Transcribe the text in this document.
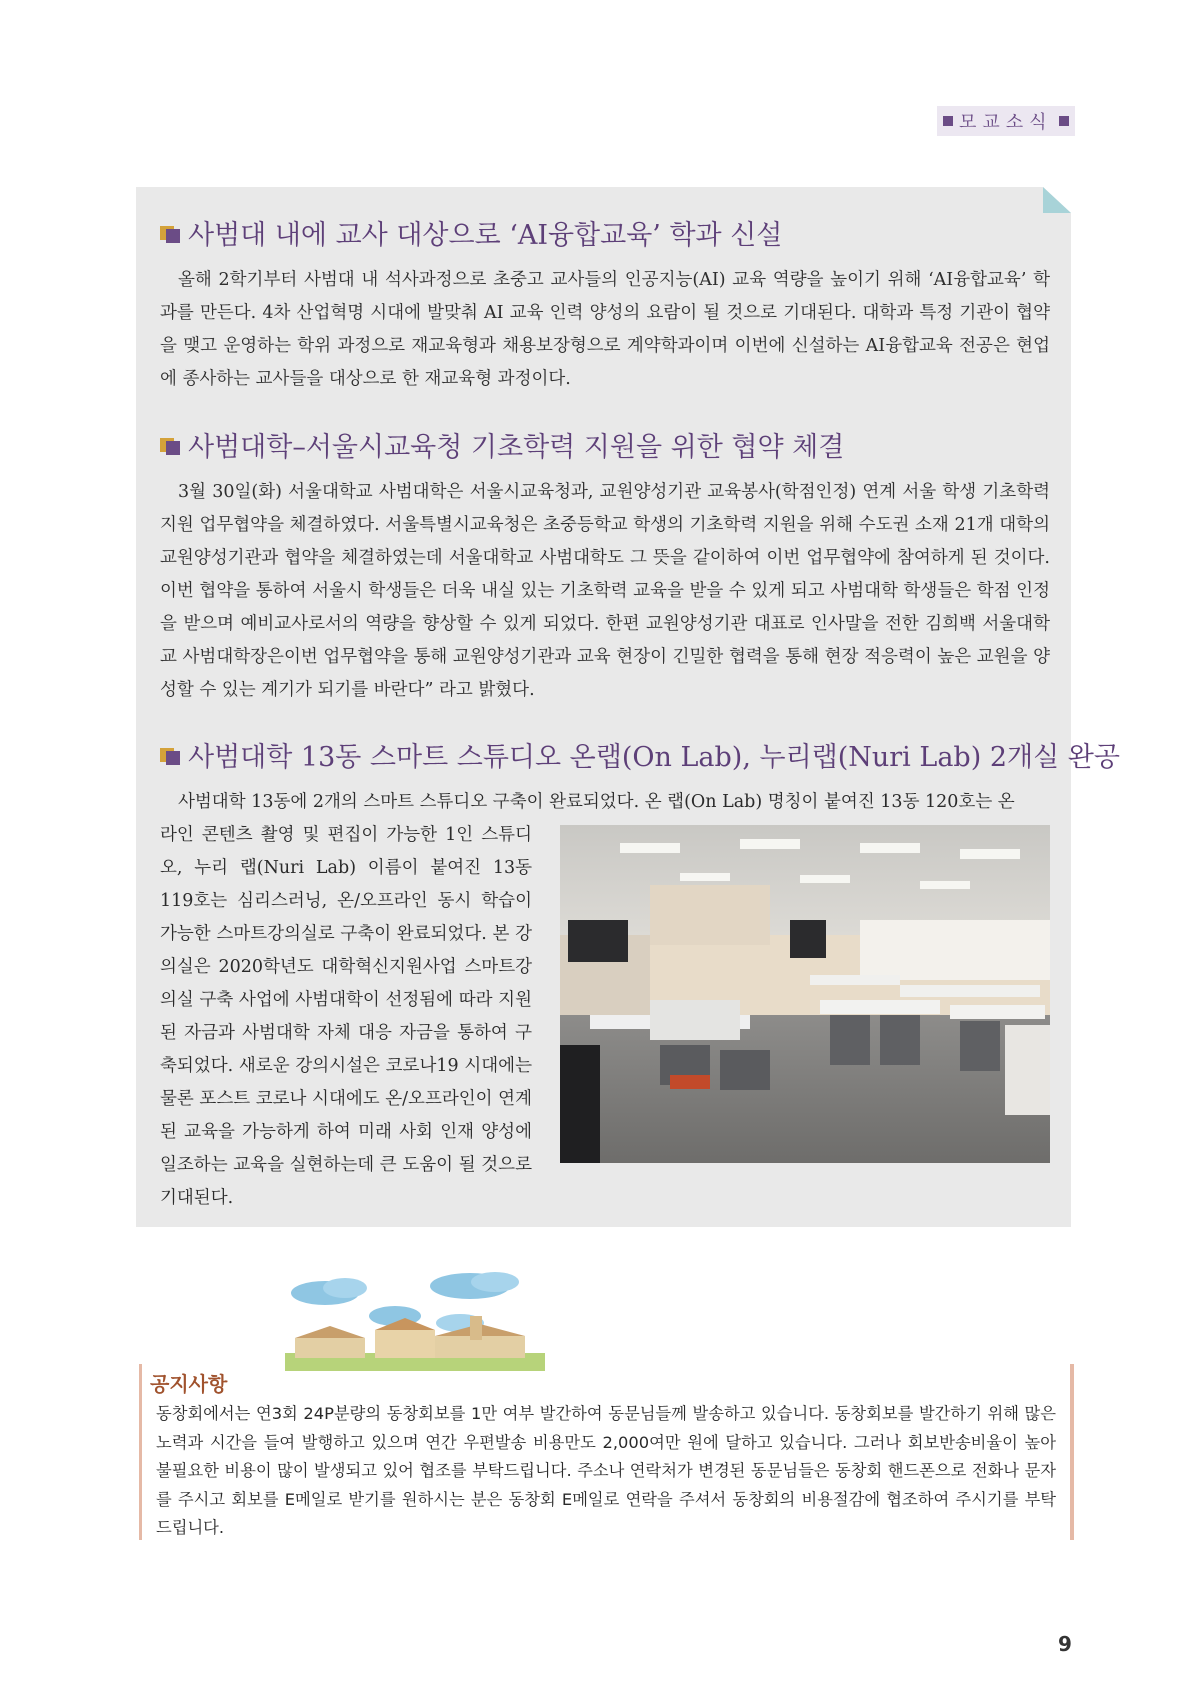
모교소식
사범대 내에 교사 대상으로 ‘AI융합교육’ 학과 신설
올해 2학기부터 사범대 내 석사과정으로 초중고 교사들의 인공지능(AI) 교육 역량을 높이기 위해 ‘AI융합교육’ 학과를 만든다. 4차 산업혁명 시대에 발맞춰 AI 교육 인력 양성의 요람이 될 것으로 기대된다. 대학과 특정 기관이 협약을 맺고 운영하는 학위 과정으로 재교육형과 채용보장형으로 계약학과이며 이번에 신설하는 AI융합교육 전공은 현업에 종사하는 교사들을 대상으로 한 재교육형 과정이다.
사범대학–서울시교육청 기초학력 지원을 위한 협약 체결
3월 30일(화) 서울대학교 사범대학은 서울시교육청과, 교원양성기관 교육봉사(학점인정) 연계 서울 학생 기초학력 지원 업무협약을 체결하였다. 서울특별시교육청은 초중등학교 학생의 기초학력 지원을 위해 수도권 소재 21개 대학의 교원양성기관과 협약을 체결하였는데 서울대학교 사범대학도 그 뜻을 같이하여 이번 업무협약에 참여하게 된 것이다. 이번 협약을 통하여 서울시 학생들은 더욱 내실 있는 기초학력 교육을 받을 수 있게 되고 사범대학 학생들은 학점 인정을 받으며 예비교사로서의 역량을 향상할 수 있게 되었다. 한편 교원양성기관 대표로 인사말을 전한 김희백 서울대학교 사범대학장은이번 업무협약을 통해 교원양성기관과 교육 현장이 긴밀한 협력을 통해 현장 적응력이 높은 교원을 양성할 수 있는 계기가 되기를 바란다” 라고 밝혔다.
사범대학 13동 스마트 스튜디오 온랩(On Lab), 누리랩(Nuri Lab) 2개실 완공
사범대학 13동에 2개의 스마트 스튜디오 구축이 완료되었다. 온 랩(On Lab) 명칭이 붙여진 13동 120호는 온
라인 콘텐츠 촬영 및 편집이 가능한 1인 스튜디오, 누리 랩(Nuri Lab) 이름이 붙여진 13동 119호는 심리스러닝, 온/오프라인 동시 학습이 가능한 스마트강의실로 구축이 완료되었다. 본 강의실은 2020학년도 대학혁신지원사업 스마트강의실 구축 사업에 사범대학이 선정됨에 따라 지원된 자금과 사범대학 자체 대응 자금을 통하여 구축되었다. 새로운 강의시설은 코로나19 시대에는 물론 포스트 코로나 시대에도 온/오프라인이 연계된 교육을 가능하게 하여 미래 사회 인재 양성에 일조하는 교육을 실현하는데 큰 도움이 될 것으로 기대된다.
공지사항
동창회에서는 연3회 24P분량의 동창회보를 1만 여부 발간하여 동문님들께 발송하고 있습니다. 동창회보를 발간하기 위해 많은 노력과 시간을 들여 발행하고 있으며 연간 우편발송 비용만도 2,000여만 원에 달하고 있습니다. 그러나 회보반송비율이 높아 불필요한 비용이 많이 발생되고 있어 협조를 부탁드립니다. 주소나 연락처가 변경된 동문님들은 동창회 핸드폰으로 전화나 문자를 주시고 회보를 E메일로 받기를 원하시는 분은 동창회 E메일로 연락을 주셔서 동창회의 비용절감에 협조하여 주시기를 부탁드립니다.
9
